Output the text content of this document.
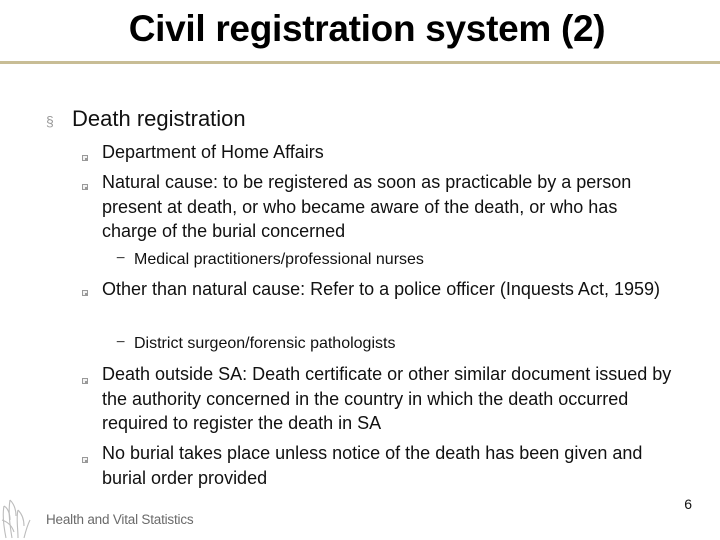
Civil registration system (2)
§ Death registration
Department of Home Affairs
Natural cause: to be registered as soon as practicable by a person present at death, or who became aware of the death, or who has charge of the burial concerned
− Medical practitioners/professional nurses
Other than natural cause: Refer to a police officer (Inquests Act, 1959)
− District surgeon/forensic pathologists
Death outside SA: Death certificate or other similar document issued by the authority concerned in the country in which the death occurred required to register the death in SA
No burial takes place unless notice of the death has been given and burial order provided
6
Health and Vital Statistics
